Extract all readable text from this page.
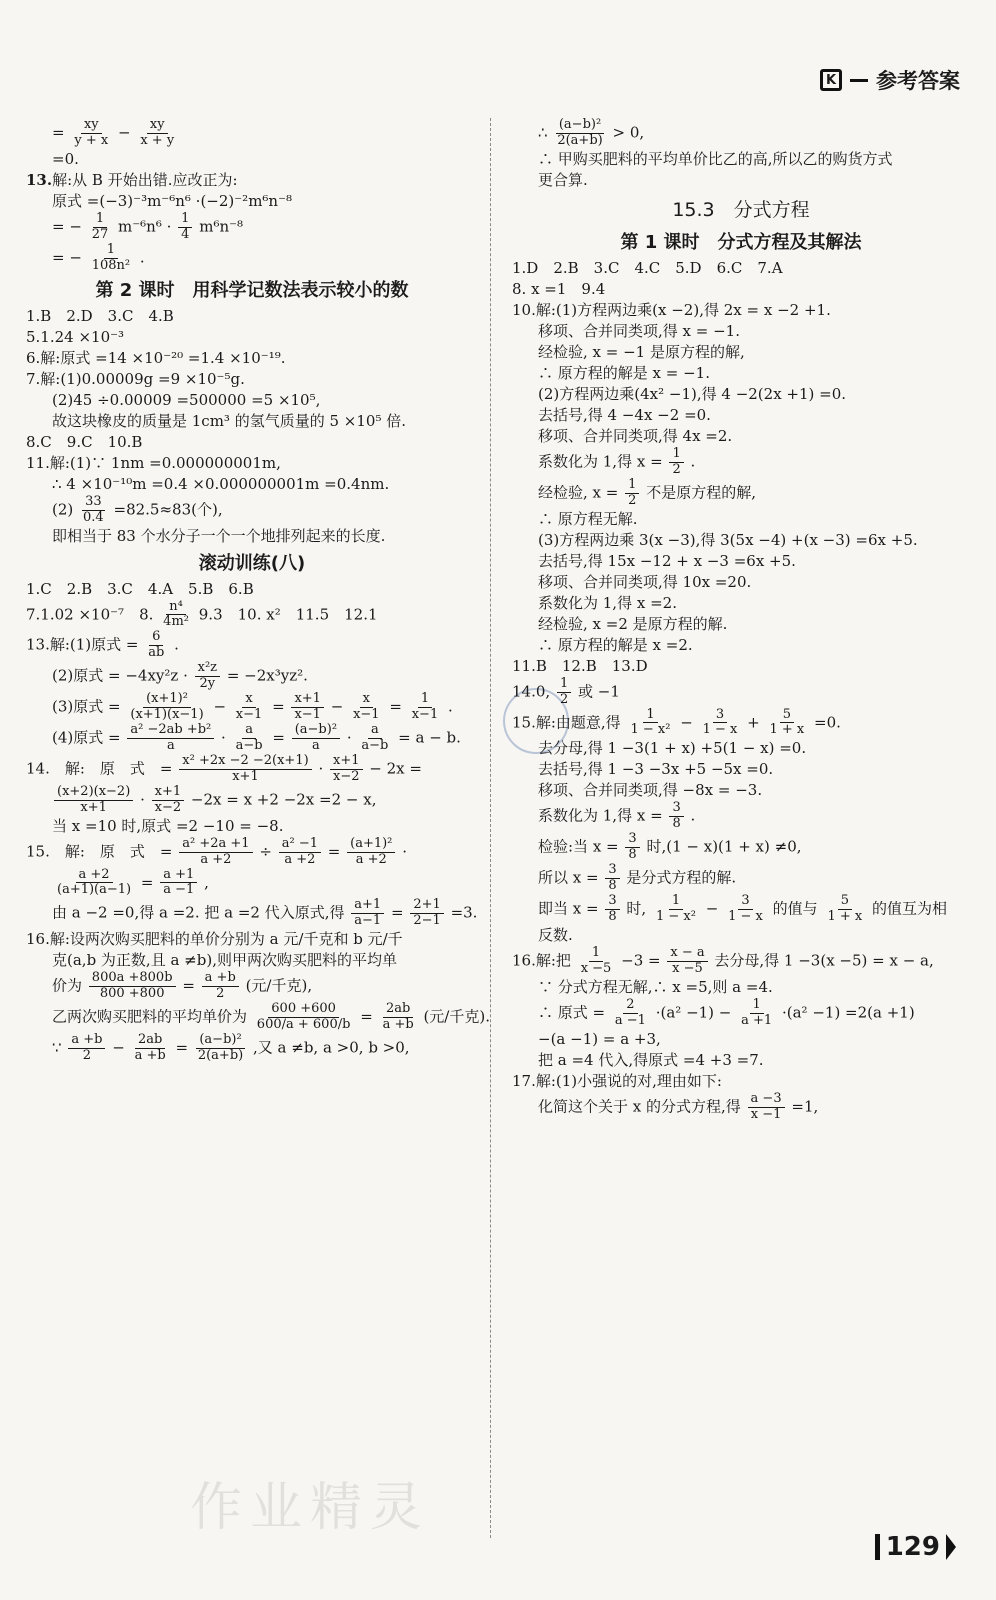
K 参考答案
= $\frac{xy}{y + x} - \frac{xy}{x + y}$
=0.
13.解:从 B 开始出错.应改正为:
原式 =(−3)⁻³m⁻⁶n⁶ ·(−2)⁻²m⁶n⁻⁸
= − $\frac{1}{27} m^{-6}n^6 \cdot \frac{1}{4} m^6n^{-8}$
= − $\frac{1}{\text{108n²}}$ .
第 2 课时　用科学记数法表示较小的数
1.B　2.D　3.C　4.B
5.1.24 ×10⁻³
6.解:原式 =14 ×10⁻²⁰ =1.4 ×10⁻¹⁹.
7.解:(1)0.00009g =9 ×10⁻⁵g.
(2)45 ÷0.00009 =500000 =5 ×10⁵,
故这块橡皮的质量是 1cm³ 的氢气质量的 5 ×10⁵ 倍.
8.C　9.C　10.B
11.解:(1)∵ 1nm =0.000000001m,
∴ 4 ×10⁻¹⁰m =0.4 ×0.000000001m =0.4nm.
$(2) \frac{33}{0.4} =82.5\approx 83$(个),
即相当于 83 个水分子一个一个地排列起来的长度.
滚动训练(八)
1.C　2.B　3.C　4.A　5.B　6.B
7.1.02 ×10⁻⁷　8. $\frac{\text{n⁴}}{\text{4m²}} 9.3$　10. x²　11.5　12.1
13.解:(1)原式 = $\frac{6}{ab}$ .
(2)原式 = $-4xy^2z \cdot \frac{\text{x²z}}{2y} = -2x^3yz^2$.
(3)原式 = $\frac{\text{(x+1)²}}{(x+1)(x-1)} - \frac{x}{x-1} = \frac{x+1}{x-1} - \frac{x}{x-1} = \frac{1}{x-1}$ .
(4)原式 = $\frac{\text{a² −2ab +b²}}{a} \cdot \frac{a}{a-b} = \frac{\text{(a−b)²}}{a} \cdot \frac{a}{a-b} = a - b$.
14.　解:　原　式　= $\frac{\text{x² +2x −2 −2(x+1)}}{x+1} \cdot \frac{x+1}{x-2} - 2x$ =
$\frac{(x+2)(x-2)}{x+1} \cdot \frac{x+1}{x-2} -2x = x +2 -2x =2 - x$,
当 x =10 时,原式 =2 −10 = −8.
15.　解:　原　式　= $\frac{\text{a² +2a +1}}{a +2} \div \frac{\text{a² −1}}{a +2} = \frac{\text{(a+1)²}}{a +2}$ ·
$\frac{a +2}{(a+1)(a-1)} = \frac{a +1}{a -1}$ ,
由 a −2 =0,得 a =2. 把 a =2 代入原式,得 $\frac{a+1}{a-1} = \frac{2+1}{2-1} =3$.
16.解:设两次购买肥料的单价分别为 a 元/千克和 b 元/千
克(a,b 为正数,且 a ≠b),则甲两次购买肥料的平均单
价为 $\frac{800a +800b}{800 +800} = \frac{a +b}{2}$ (元/千克),
乙两次购买肥料的平均单价为 $\frac{600 +600}{600/a + 600/b} = \frac{2ab}{a +b}$ (元/千克).
∵ $\frac{a +b}{2} - \frac{2ab}{a +b} = \frac{\text{(a−b)²}}{2(a+b)}$ ,又 a ≠b, a >0, b >0,
∴ $\frac{\text{(a−b)²}}{2(a+b)} > 0$,
∴ 甲购买肥料的平均单价比乙的高,所以乙的购货方式
更合算.
15.3　分式方程
第 1 课时　分式方程及其解法
1.D　2.B　3.C　4.C　5.D　6.C　7.A
8. x =1　9.4
10.解:(1)方程两边乘(x −2),得 2x = x −2 +1.
移项、合并同类项,得 x = −1.
经检验, x = −1 是原方程的解,
∴ 原方程的解是 x = −1.
(2)方程两边乘(4x² −1),得 4 −2(2x +1) =0.
去括号,得 4 −4x −2 =0.
移项、合并同类项,得 4x =2.
系数化为 1,得 $x = \frac{1}{2}$ .
经检验, $x = \frac{1}{2}$ 不是原方程的解,
∴ 原方程无解.
(3)方程两边乘 3(x −3),得 3(5x −4) +(x −3) =6x +5.
去括号,得 15x −12 + x −3 =6x +5.
移项、合并同类项,得 10x =20.
系数化为 1,得 x =2.
经检验, x =2 是原方程的解.
∴ 原方程的解是 x =2.
11.B　12.B　13.D
14.0, $\frac{1}{2}$ 或 −1
15.解:由题意,得 $\frac{1}{\text{1 − x²}} - \frac{3}{1 - x} + \frac{5}{1 + x} =0$.
去分母,得 1 −3(1 + x) +5(1 − x) =0.
去括号,得 1 −3 −3x +5 −5x =0.
移项、合并同类项,得 −8x = −3.
系数化为 1,得 $x = \frac{3}{8}$ .
检验:当 $x = \frac{3}{8}$ 时,(1 − x)(1 + x) ≠0,
所以 $x = \frac{3}{8}$ 是分式方程的解.
即当 $x = \frac{3}{8}$ 时, $\frac{1}{\text{1 − x²}} - \frac{3}{1 - x}$ 的值与 $\frac{5}{1 + x}$ 的值互为相
反数.
16.解:把 $\frac{1}{x -5} -3 = \frac{x - a}{x -5}$ 去分母,得 1 −3(x −5) = x − a,
∵ 分式方程无解,∴ x =5,则 a =4.
∴ 原式 = $\frac{2}{a -1} \cdot(a^2 -1) - \frac{1}{a +1} \cdot(a^2 -1) =2(a +1)$
−(a −1) = a +3,
把 a =4 代入,得原式 =4 +3 =7.
17.解:(1)小强说的对,理由如下:
化简这个关于 x 的分式方程,得 $\frac{a -3}{x -1} =1$,
作业精灵
129
